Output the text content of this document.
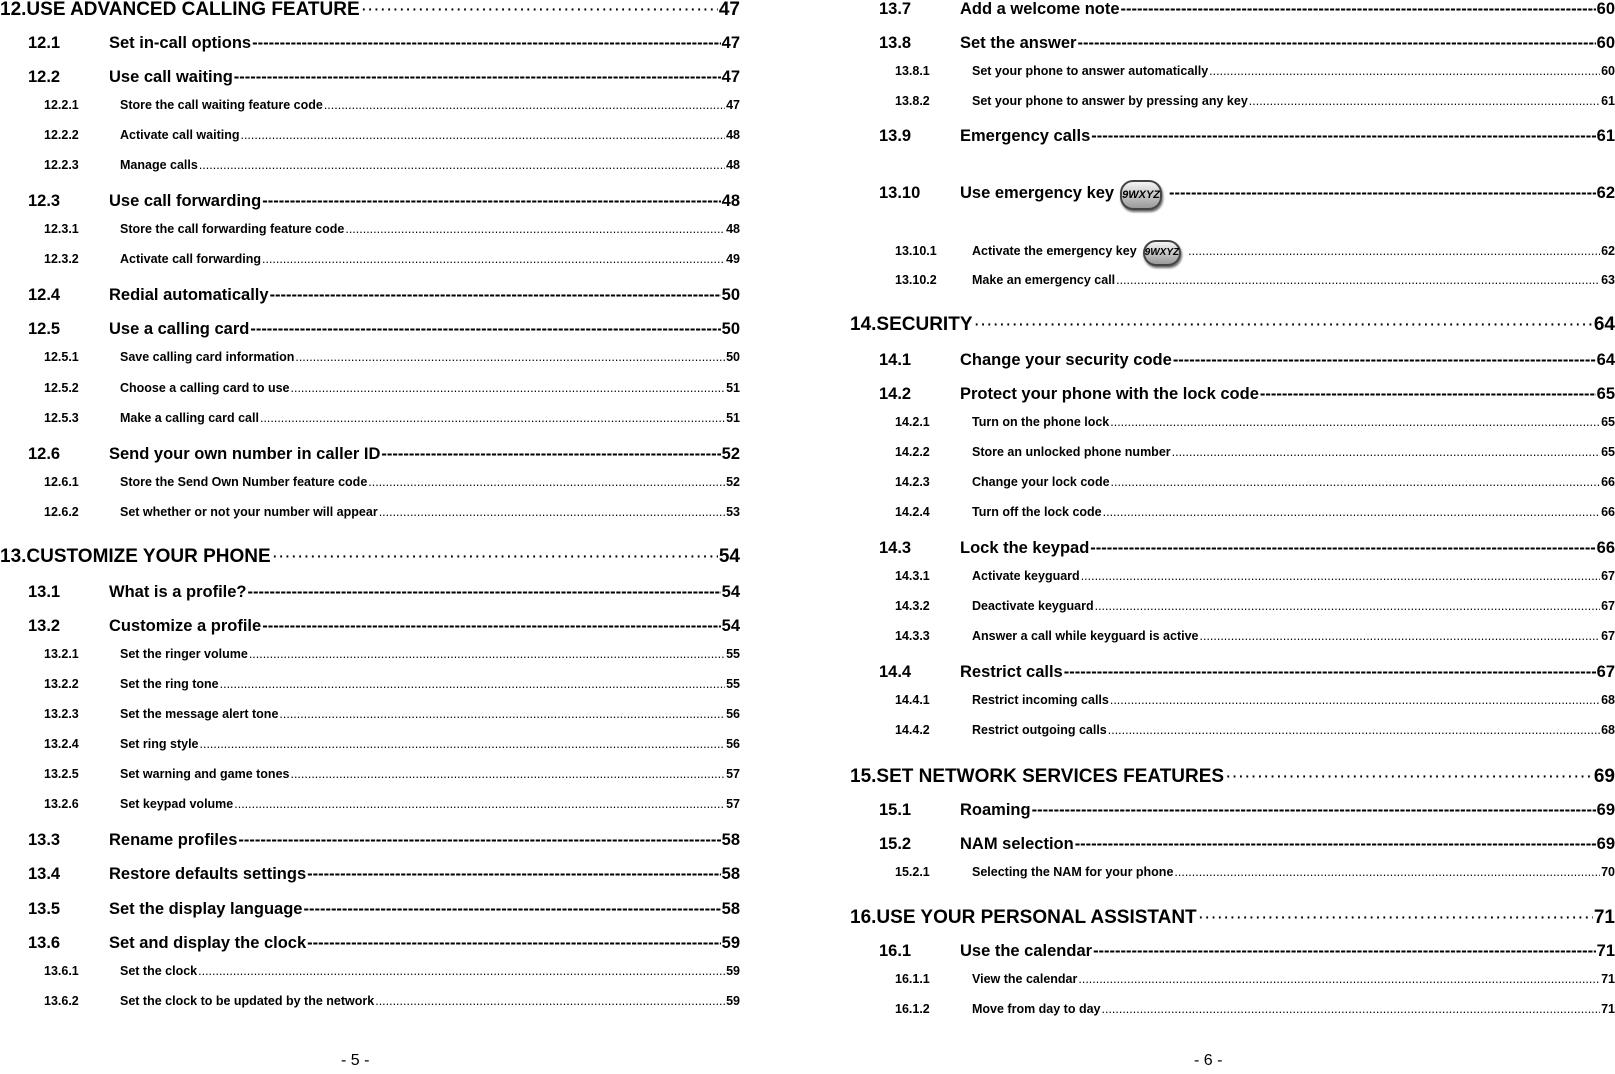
12. USE ADVANCED CALLING FEATURE ·····	47
12.1	Set in-call options -----	47
12.2	Use call waiting -----	47
12.2.1	Store the call waiting feature code .....	47
12.2.2	Activate call waiting .....	48
12.2.3	Manage calls .....	48
12.3	Use call forwarding -----	48
12.3.1	Store the call forwarding feature code .....	48
12.3.2	Activate call forwarding .....	49
12.4	Redial automatically -----	50
12.5	Use a calling card -----	50
12.5.1	Save calling card information .....	50
12.5.2	Choose a calling card to use .....	51
12.5.3	Make a calling card call .....	51
12.6	Send your own number in caller ID -----	52
12.6.1	Store the Send Own Number feature code .....	52
12.6.2	Set whether or not your number will appear .....	53
13. CUSTOMIZE YOUR PHONE ·····	54
13.1	What is a profile? -----	54
13.2	Customize a profile -----	54
13.2.1	Set the ringer volume .....	55
13.2.2	Set the ring tone .....	55
13.2.3	Set the message alert tone .....	56
13.2.4	Set ring style .....	56
13.2.5	Set warning and game tones .....	57
13.2.6	Set keypad volume .....	57
13.3	Rename profiles -----	58
13.4	Restore defaults settings -----	58
13.5	Set the display language -----	58
13.6	Set and display the clock -----	59
13.6.1	Set the clock .....	59
13.6.2	Set the clock to be updated by the network .....	59
13.7	Add a welcome note -----	60
13.8	Set the answer -----	60
13.8.1	Set your phone to answer automatically .....	60
13.8.2	Set your phone to answer by pressing any key .....	61
13.9	Emergency calls -----	61
13.10	Use emergency key 9WXYZ -----	62
13.10.1	Activate the emergency key 9WXYZ .....	62
13.10.2	Make an emergency call .....	63
14. SECURITY ·····	64
14.1	Change your security code -----	64
14.2	Protect your phone with the lock code -----	65
14.2.1	Turn on the phone lock .....	65
14.2.2	Store an unlocked phone number .....	65
14.2.3	Change your lock code .....	66
14.2.4	Turn off the lock code .....	66
14.3	Lock the keypad -----	66
14.3.1	Activate keyguard .....	67
14.3.2	Deactivate keyguard .....	67
14.3.3	Answer a call while keyguard is active .....	67
14.4	Restrict calls -----	67
14.4.1	Restrict incoming calls .....	68
14.4.2	Restrict outgoing calls .....	68
15. SET NETWORK SERVICES FEATURES ·····	69
15.1	Roaming -----	69
15.2	NAM selection -----	69
15.2.1	Selecting the NAM for your phone .....	70
16. USE YOUR PERSONAL ASSISTANT ·····	71
16.1	Use the calendar -----	71
16.1.1	View the calendar .....	71
16.1.2	Move from day to day .....	71
- 5 -	- 6 -
